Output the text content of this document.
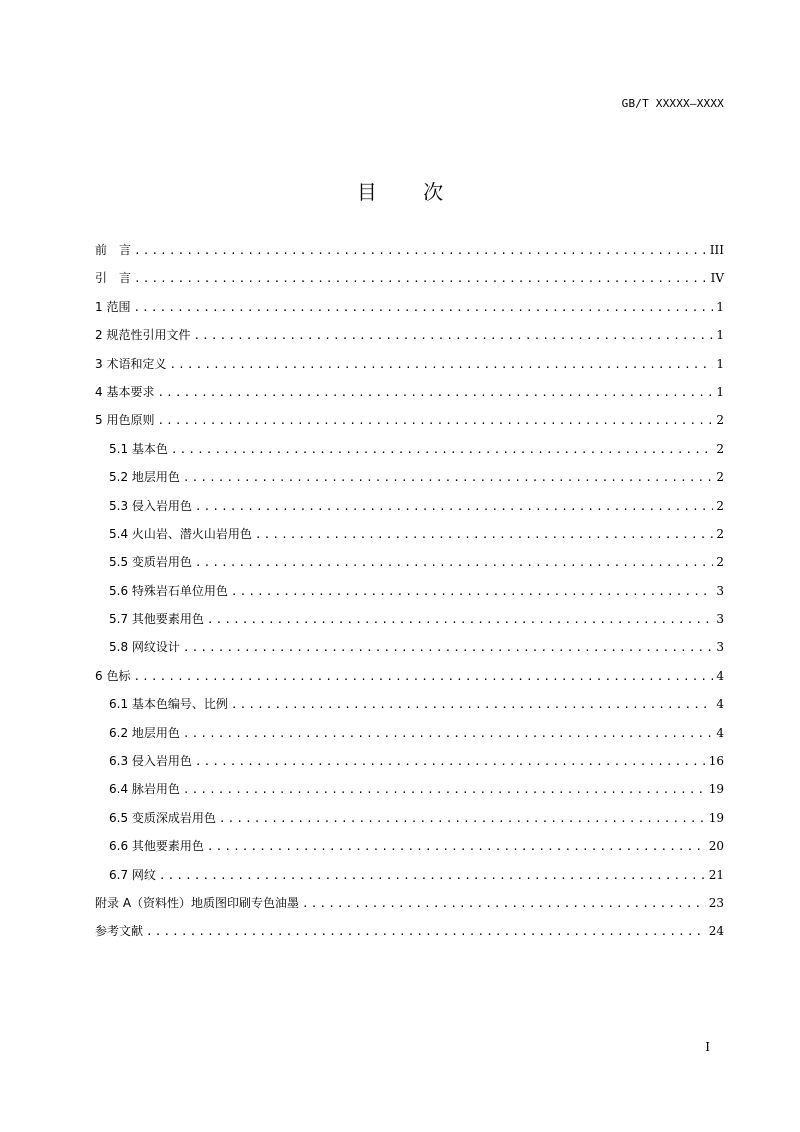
GB/T XXXXX—XXXX
目 次
前　言 .....	III
引　言 .....	IV
1 范围 .....	1
2 规范性引用文件 .....	1
3 术语和定义 .....	1
4 基本要求 .....	1
5 用色原则 .....	2
5.1 基本色 .....	2
5.2 地层用色 .....	2
5.3 侵入岩用色 .....	2
5.4 火山岩、潜火山岩用色 .....	2
5.5 变质岩用色 .....	2
5.6 特殊岩石单位用色 .....	3
5.7 其他要素用色 .....	3
5.8 网纹设计 .....	3
6 色标 .....	4
6.1 基本色编号、比例 .....	4
6.2 地层用色 .....	4
6.3 侵入岩用色 .....	16
6.4 脉岩用色 .....	19
6.5 变质深成岩用色 .....	19
6.6 其他要素用色 .....	20
6.7 网纹 .....	21
附录 A（资料性）地质图印刷专色油墨 .....	23
参考文献 .....	24
I
